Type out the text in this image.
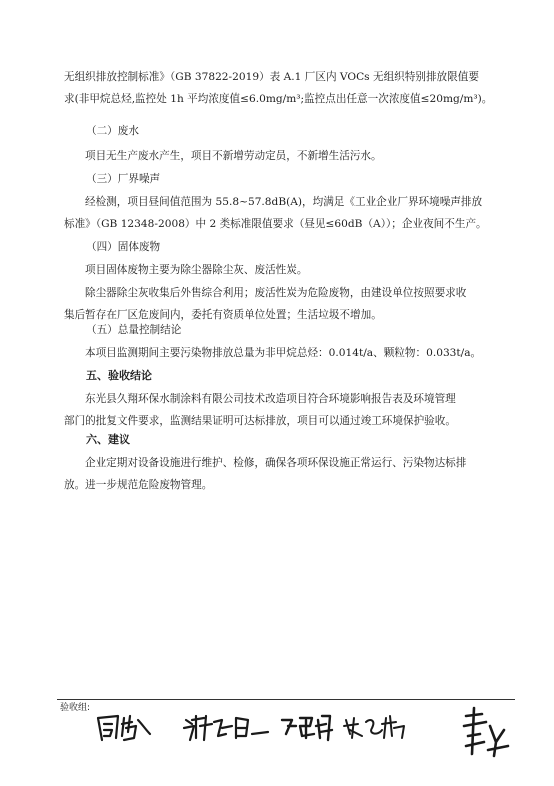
无组织排放控制标准》（GB 37822-2019）表 A.1 厂区内 VOCs 无组织特别排放限值要
求(非甲烷总烃,监控处 1h 平均浓度值≤6.0mg/m³;监控点出任意一次浓度值≤20mg/m³)。

（二）废水

项目无生产废水产生，项目不新增劳动定员，不新增生活污水。

（三）厂界噪声

经检测，项目昼间值范围为 55.8~57.8dB(A)，均满足《工业企业厂界环境噪声排放
标准》（GB 12348-2008）中 2 类标准限值要求（昼见≤60dB（A））；企业夜间不生产。

（四）固体废物

项目固体废物主要为除尘器除尘灰、废活性炭。

除尘器除尘灰收集后外售综合利用；废活性炭为危险废物，由建设单位按照要求收
集后暂存在厂区危废间内，委托有资质单位处置；生活垃圾不增加。

（五）总量控制结论

本项目监测期间主要污染物排放总量为非甲烷总烃：0.014t/a、颗粒物：0.033t/a。

五、验收结论

东光县久翔环保水制涂料有限公司技术改造项目符合环境影响报告表及环境管理
部门的批复文件要求，监测结果证明可达标排放，项目可以通过竣工环境保护验收。

六、建议

企业定期对设备设施进行维护、检修，确保各项环保设施正常运行、污染物达标排
放。进一步规范危险废物管理。

验收组:
